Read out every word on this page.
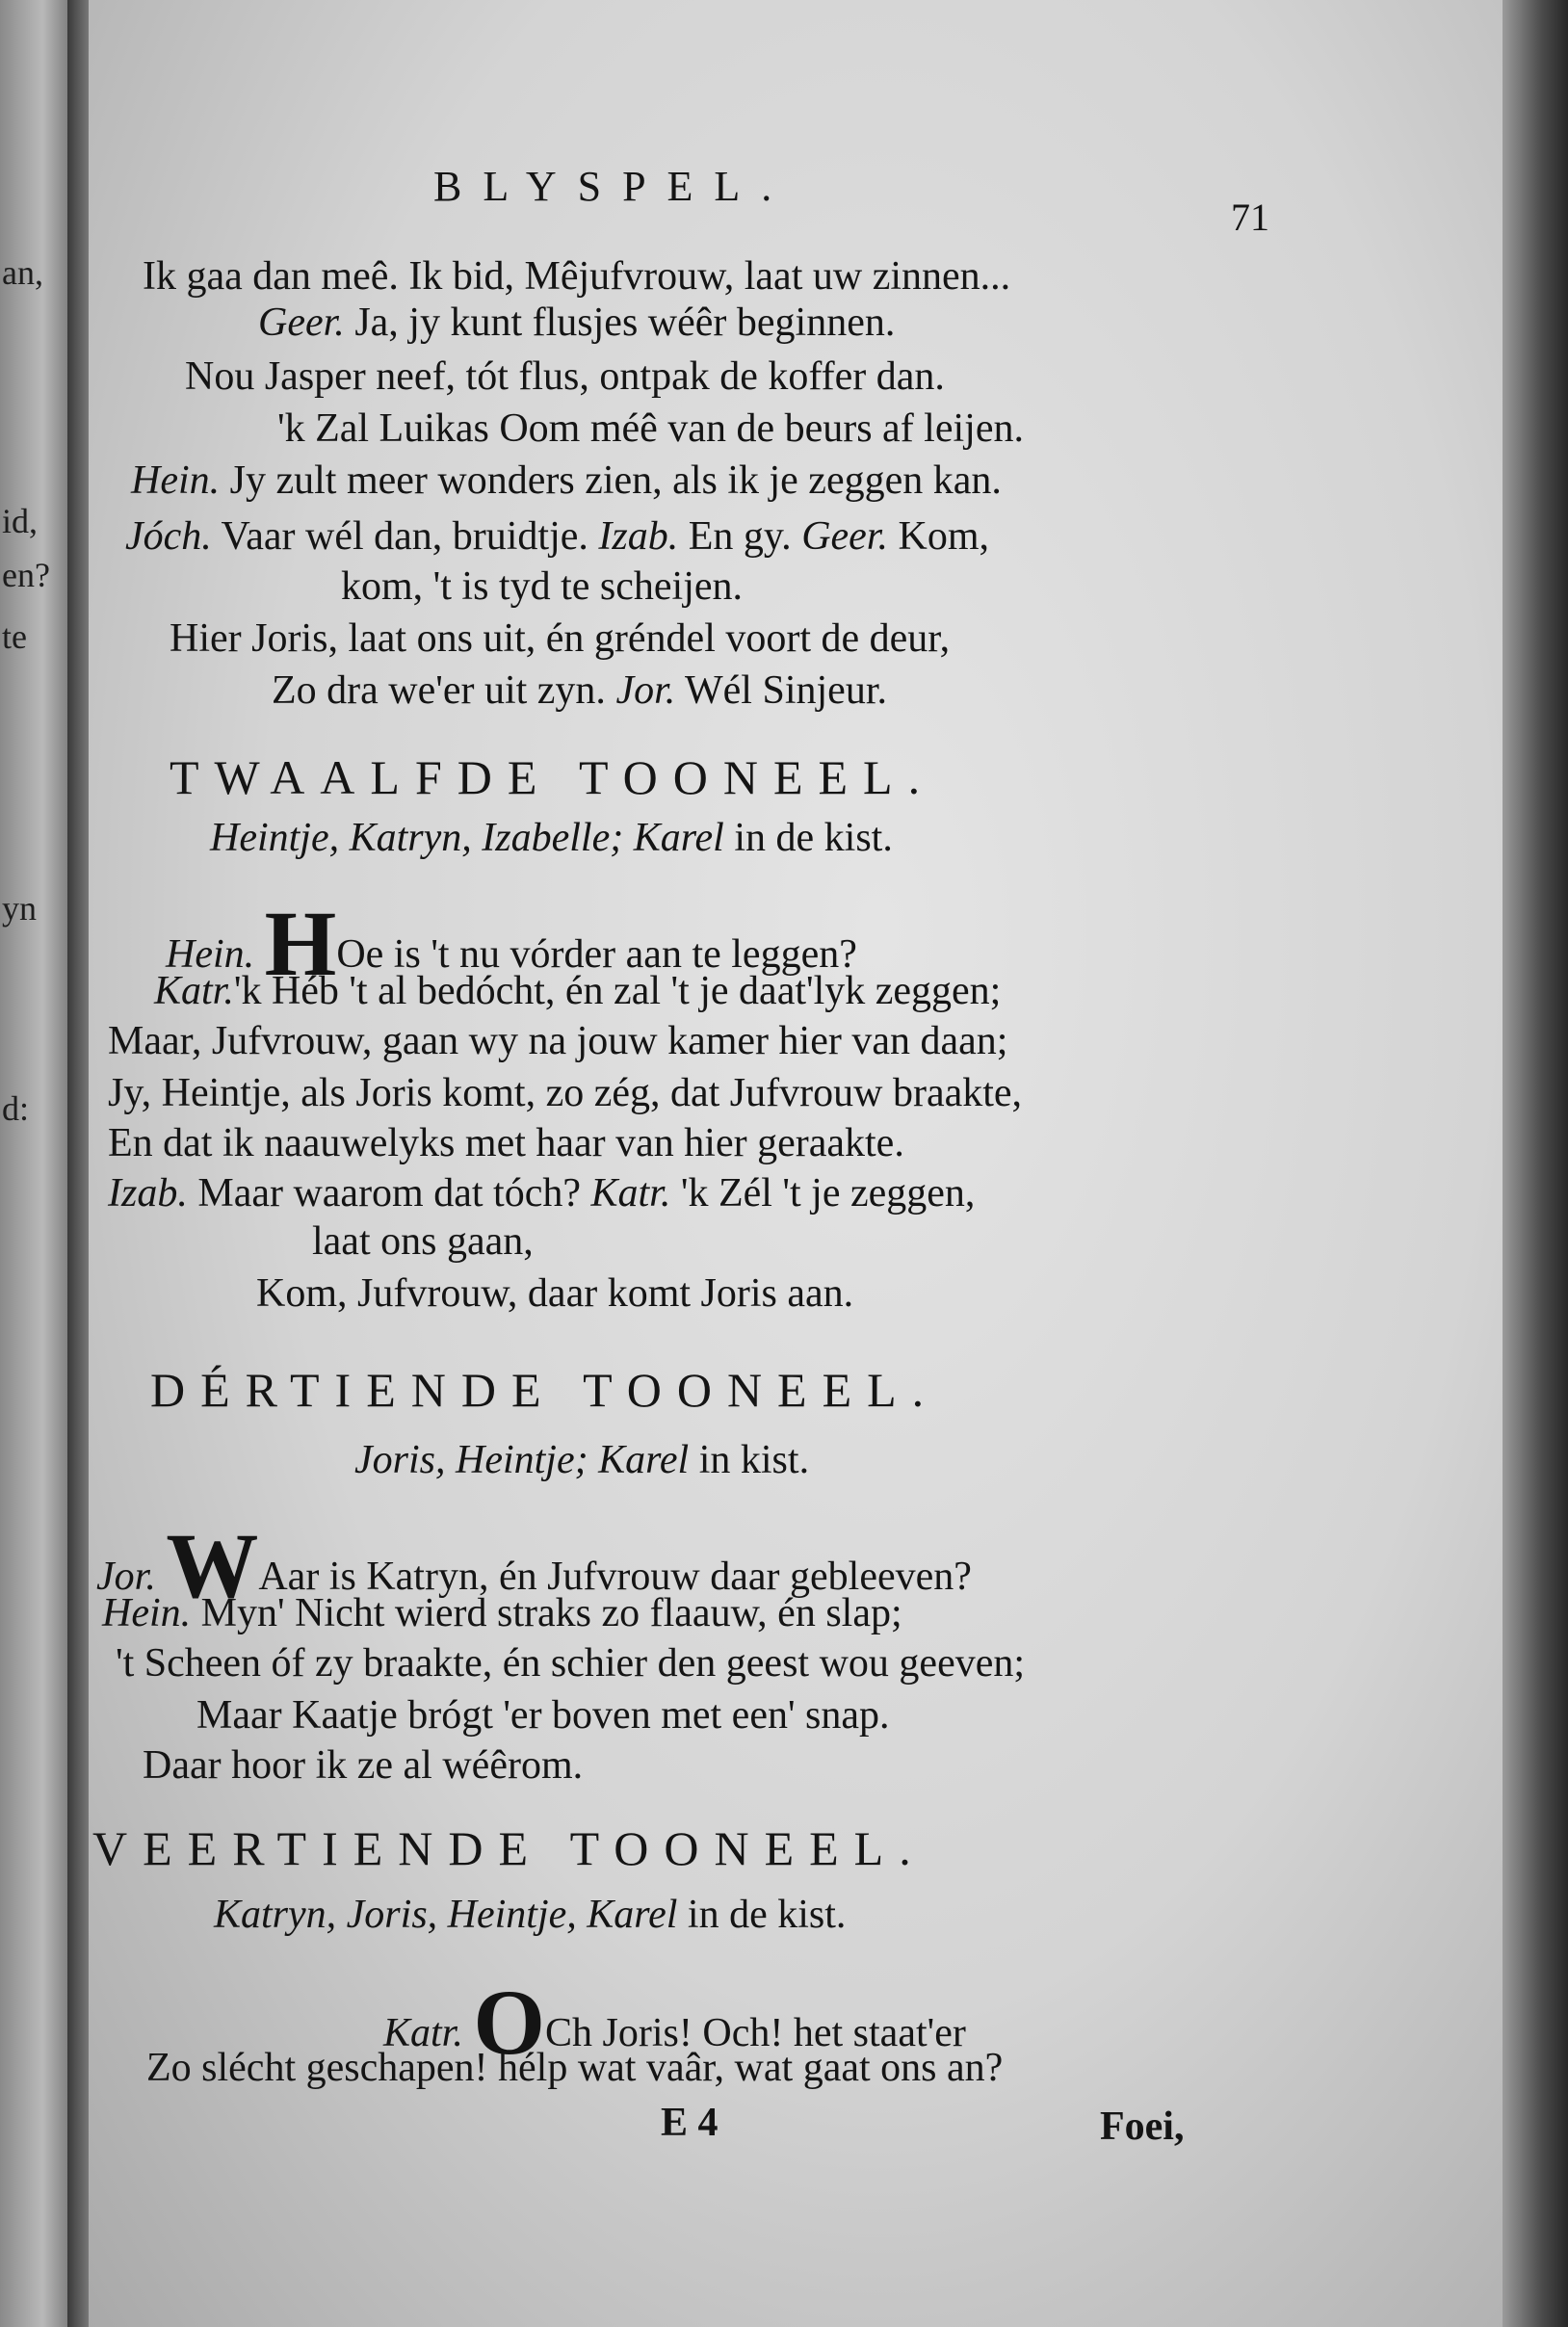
an,
id,
en?
te
yn
d:
BLYSPEL.
71
Ik gaa dan meê. Ik bid, Mêjufvrouw, laat uw zinnen...
Geer. Ja, jy kunt flusjes wéêr beginnen.
Nou Jasper neef, tót flus, ontpak de koffer dan.
'k Zal Luikas Oom méê van de beurs af leijen.
Hein. Jy zult meer wonders zien, als ik je zeggen kan.
Jóch. Vaar wél dan, bruidtje. Izab. En gy. Geer. Kom,
kom, 't is tyd te scheijen.
Hier Joris, laat ons uit, én gréndel voort de deur,
Zo dra we'er uit zyn. Jor. Wél Sinjeur.
TWAALFDE TOONEEL.
Heintje, Katryn, Izabelle; Karel in de kist.
Hein. HOe is 't nu vórder aan te leggen?
Katr.'k Héb 't al bedócht, én zal 't je daat'lyk zeggen;
Maar, Jufvrouw, gaan wy na jouw kamer hier van daan;
Jy, Heintje, als Joris komt, zo zég, dat Jufvrouw braakte,
En dat ik naauwelyks met haar van hier geraakte.
Izab. Maar waarom dat tóch? Katr. 'k Zél 't je zeggen,
laat ons gaan,
Kom, Jufvrouw, daar komt Joris aan.
DÉRTIENDE TOONEEL.
Joris, Heintje; Karel in kist.
Jor. WAar is Katryn, én Jufvrouw daar gebleeven?
Hein. Myn' Nicht wierd straks zo flaauw, én slap;
't Scheen óf zy braakte, én schier den geest wou geeven;
Maar Kaatje brógt 'er boven met een' snap.
Daar hoor ik ze al wéêrom.
VEERTIENDE TOONEEL.
Katryn, Joris, Heintje, Karel in de kist.
Katr. OCh Joris! Och! het staat'er
Zo slécht geschapen! hélp wat vaâr, wat gaat ons an?
E 4	Foei,
